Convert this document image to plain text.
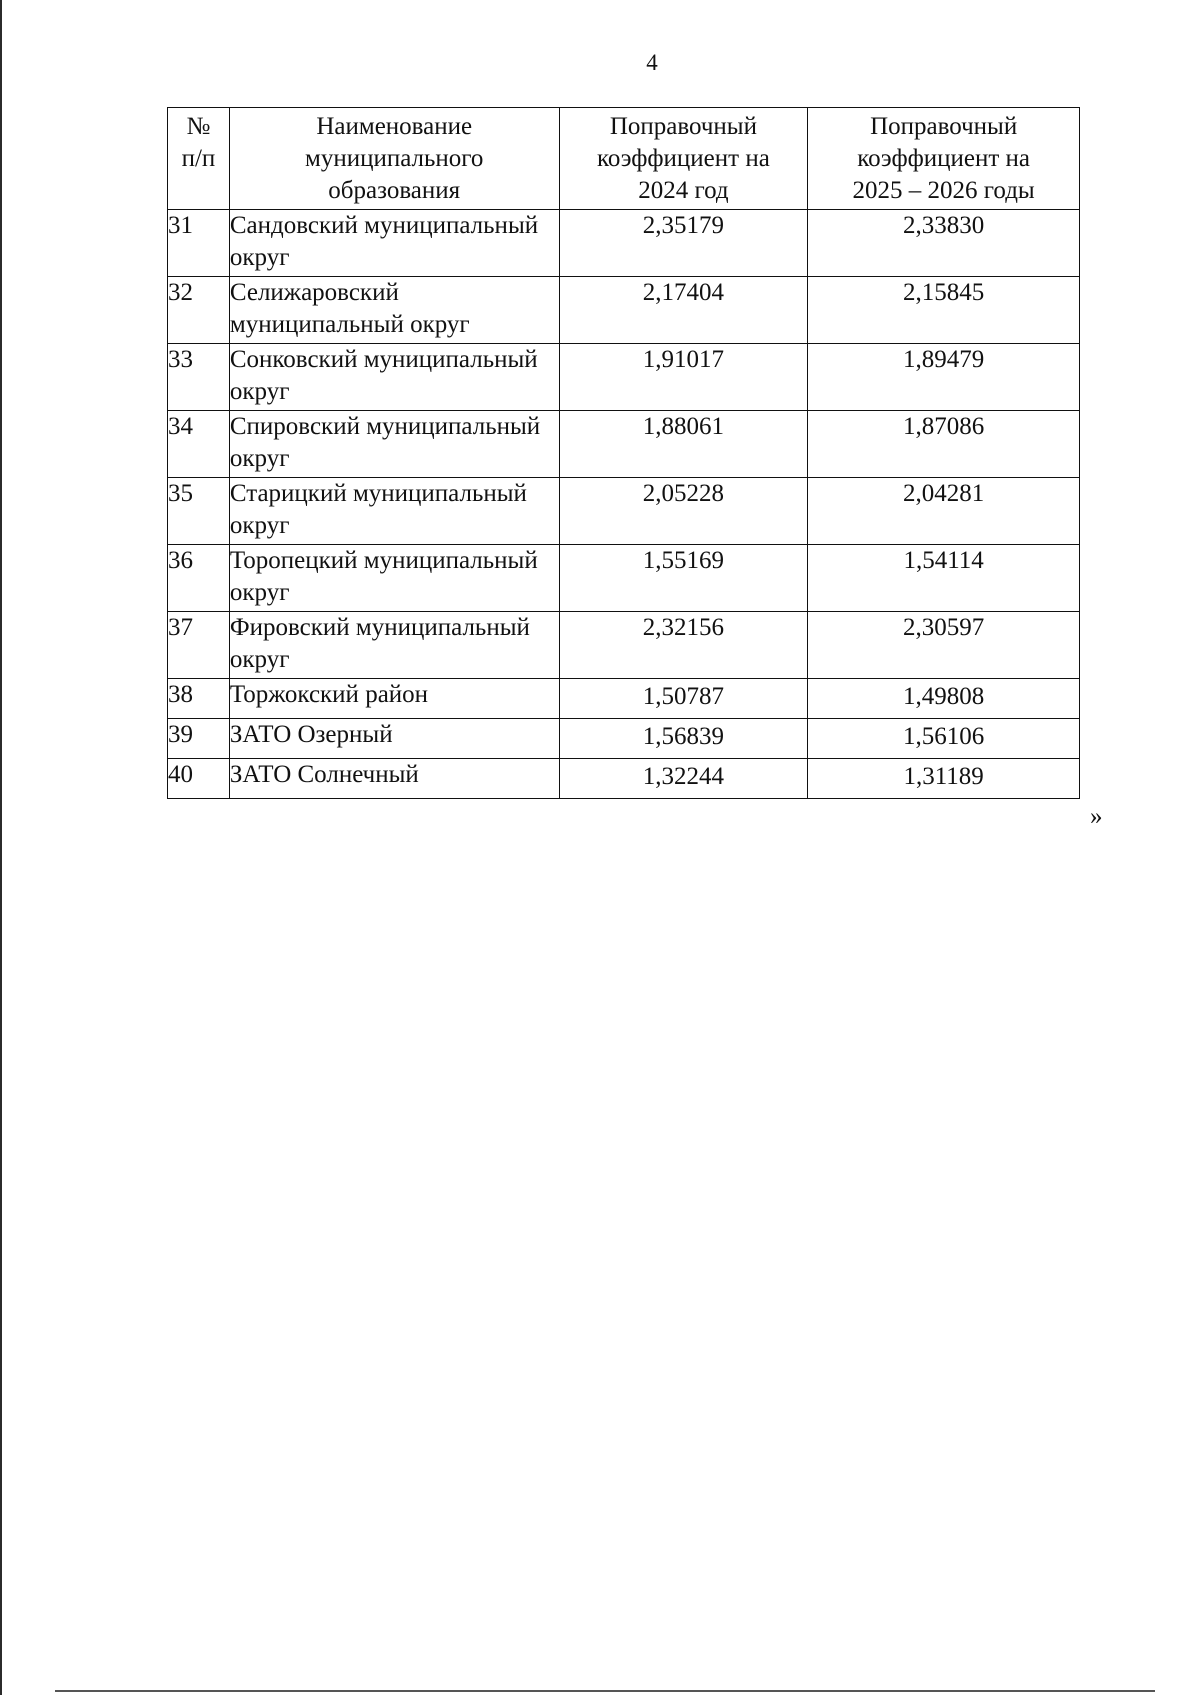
4
№ п/п	Наименование муниципального образования	Поправочный коэффициент на 2024 год	Поправочный коэффициент на 2025 – 2026 годы
31	Сандовский муниципальный округ	2,35179	2,33830
32	Селижаровский муниципальный округ	2,17404	2,15845
33	Сонковский муниципальный округ	1,91017	1,89479
34	Спировский муниципальный округ	1,88061	1,87086
35	Старицкий муниципальный округ	2,05228	2,04281
36	Торопецкий муниципальный округ	1,55169	1,54114
37	Фировский муниципальный округ	2,32156	2,30597
38	Торжокский район	1,50787	1,49808
39	ЗАТО Озерный	1,56839	1,56106
40	ЗАТО Солнечный	1,32244	1,31189
»
